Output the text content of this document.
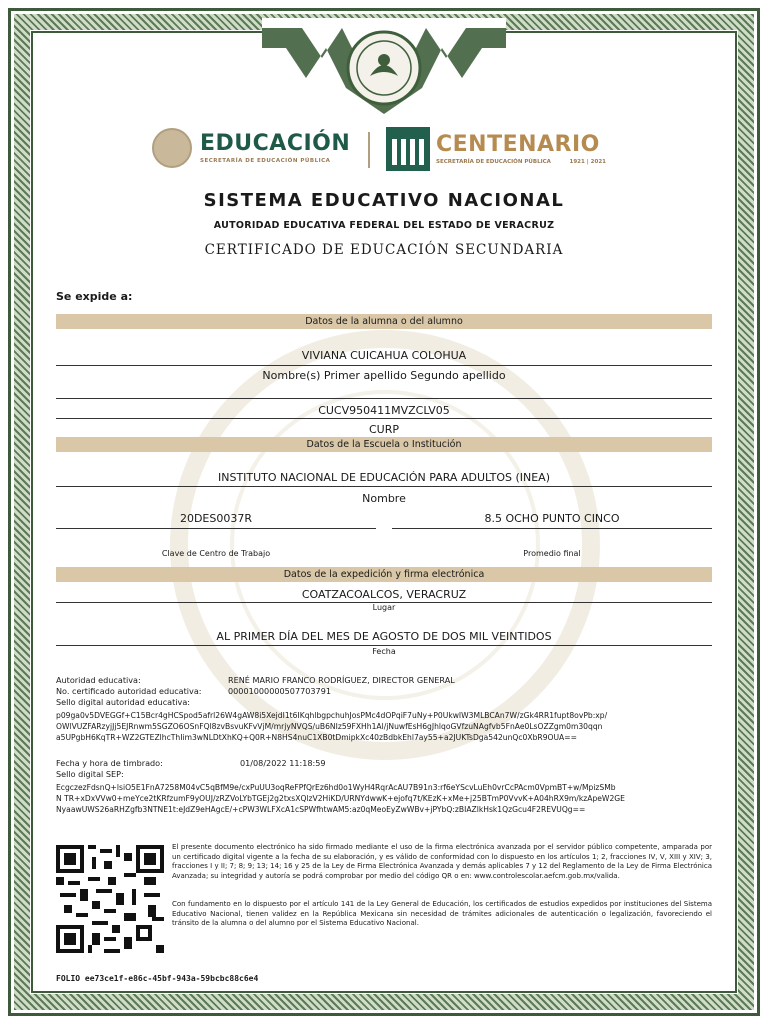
EDUCACIÓN
SECRETARÍA DE EDUCACIÓN PÚBLICA
CENTENARIO
SECRETARÍA DE EDUCACIÓN PÚBLICA	1921 | 2021
SISTEMA EDUCATIVO NACIONAL
AUTORIDAD EDUCATIVA FEDERAL DEL ESTADO DE VERACRUZ
CERTIFICADO DE EDUCACIÓN SECUNDARIA
Se expide a:
Datos de la alumna o del alumno
VIVIANA CUICAHUA COLOHUA
Nombre(s) Primer apellido Segundo apellido
CUCV950411MVZCLV05
CURP
Datos de la Escuela o Institución
INSTITUTO NACIONAL DE EDUCACIÓN PARA ADULTOS (INEA)
Nombre
20DES0037R	8.5 OCHO PUNTO CINCO
Clave de Centro de Trabajo	Promedio final
Datos de la expedición y firma electrónica
COATZACOALCOS, VERACRUZ
Lugar
AL PRIMER DÍA DEL MES DE AGOSTO DE DOS MIL VEINTIDOS
Fecha
Autoridad educativa:	RENÉ MARIO FRANCO RODRÍGUEZ, DIRECTOR GENERAL
No. certificado autoridad educativa:	00001000000507703791
Sello digital autoridad educativa:
p09ga0v5DVEGGf+C15Bcr4gHCSpod5afrl26W4gAW8i5XejdI1t6IKqhlbgpchuhJosPMc4dOPqiF7uNy+P0UkwIW3MLBCAn7W/zGk4RR1fupt8ovPb:xp/
OWlVUZFARzyjJj5EJRnwm5SGZO6OSnFQl8zvBsvuKFvVjM/mrjyNVQS/uB6NIz59FXHh1Al/jNuwfEsH6gJhlqoGVfzuNAgfvb5FnAe0LsOZZgm0m30qqn
a5UPgbH6KqTR+WZ2GTEZlhcThIim3wNLDtXhKQ+Q0R+N8HS4nuC1XB0tDmipkXc40zBdbkEhl7ay55+a2JUKTsDga542unQc0XbR9OUA==
Fecha y hora de timbrado:	01/08/2022 11:18:59
Sello digital SEP:
EcgczezFdsnQ+lsiO5E1FnA7258M04vC5qBfM9e/cxPuUU3oqReFPfQrEz6hd0o1WyH4RqrAcAU7B91n3:rf6eYScvLuEh0vrCcPAcm0VpmBT+w/MpizSMb
N TR+xDxVVw0+meYce2tKRfzumF9yOUJ/zRZVoLYbTGEj2g2txsXQlzV2HiKD/URNYdwwK+ejofq7t/KEzK+xMe+j25BTmP0VvvK+A04hRX9m/kzApeW2GE
NyaawUWS26aRHZgfb3NTNE1t:eJdZ9eHAgcE/+cPW3WLFXcA1cSPWfhtwAM5:az0qMeoEyZwWBv+jPYbQ:zBIAZlkHsk1QzGcu4F2REVUQg==
El presente documento electrónico ha sido firmado mediante el uso de la firma electrónica avanzada por el servidor público competente, amparada por un certificado digital vigente a la fecha de su elaboración, y es válido de conformidad con lo dispuesto en los artículos 1; 2, fracciones IV, V, XIII y XIV; 3, fracciones I y II; 7; 8; 9; 13; 14; 16 y 25 de la Ley de Firma Electrónica Avanzada y demás aplicables 7 y 12 del Reglamento de la Ley de Firma Electrónica Avanzada; su integridad y autoría se podrá comprobar por medio del código QR o en: www.controlescolar.aefcm.gob.mx/valida.
Con fundamento en lo dispuesto por el artículo 141 de la Ley General de Educación, los certificados de estudios expedidos por instituciones del Sistema Educativo Nacional, tienen validez en la República Mexicana sin necesidad de trámites adicionales de autenticación o legalización, favoreciendo el tránsito de la alumna o del alumno por el Sistema Educativo Nacional.
FOLIO ee73ce1f-e86c-45bf-943a-59bcbc88c6e4
